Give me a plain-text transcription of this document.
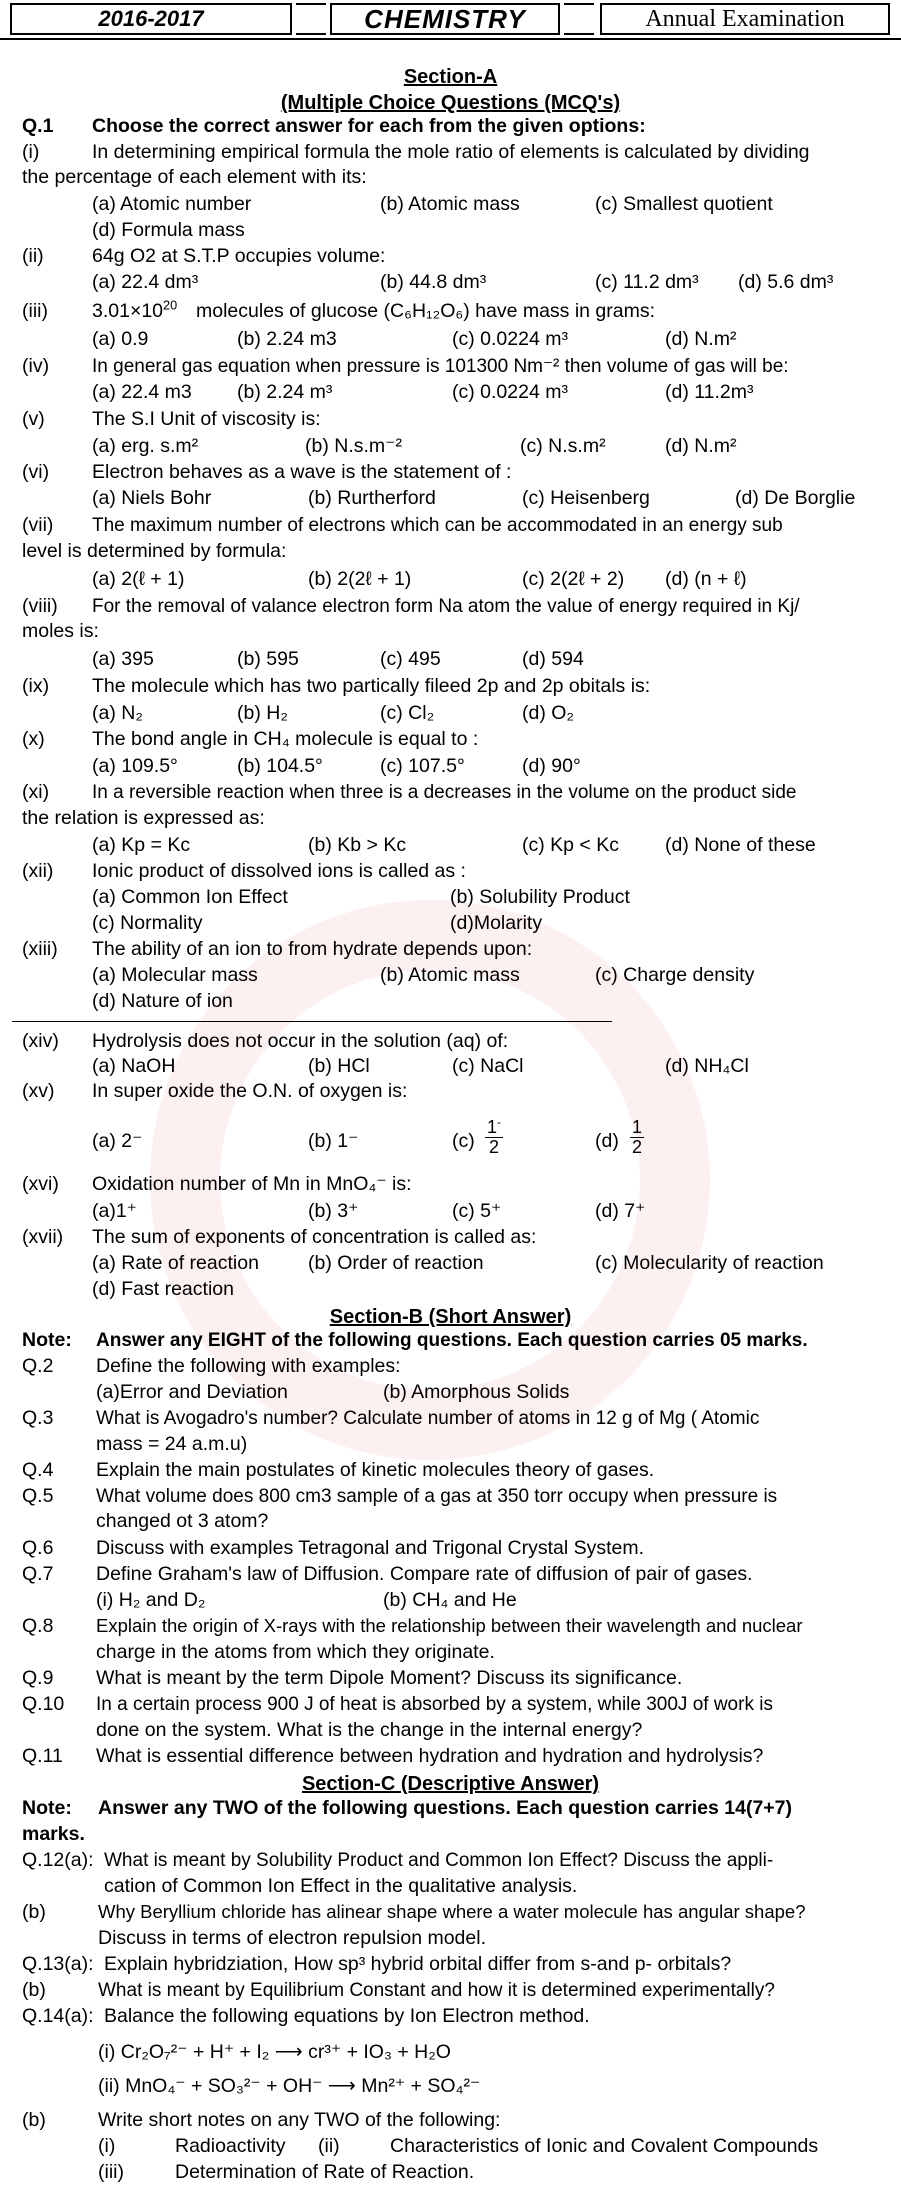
2016-2017	CHEMISTRY	Annual Examination
Section-A
(Multiple Choice Questions (MCQ's)
Q.1 Choose the correct answer for each from the given options:
(i)	In determining empirical formula the mole ratio of elements is calculated by dividing
the percentage of each element with its:
(a) Atomic number	(b) Atomic mass	(c) Smallest quotient
(d) Formula mass
(ii) 64g O2 at S.T.P occupies volume:
(a) 22.4 dm³	(b) 44.8 dm³	(c) 11.2 dm³ (d) 5.6 dm³
(iii) $3.01\times 10^{20}$ molecules of glucose (C₆H₁₂O₆) have mass in grams:
(a) 0.9	(b) 2.24 m3	(c) 0.0224 m³	(d) N.m²
(iv) In general gas equation when pressure is 101300 Nm⁻² then volume of gas will be:
(a) 22.4 m3 (b) 2.24 m³	(c) 0.0224 m³	(d) 11.2m³
(v) The S.I Unit of viscosity is:
(a) erg. s.m²	(b) N.s.m⁻²	(c) N.s.m²	(d) N.m²
(vi) Electron behaves as a wave is the statement of :
(a) Niels Bohr	(b) Rurtherford	(c) Heisenberg	(d) De Borglie
(vii) The maximum number of electrons which can be accommodated in an energy sub
level is determined by formula:
(a) 2(ℓ + 1)	(b) 2(2ℓ + 1)	(c) 2(2ℓ + 2) (d) (n + ℓ)
(viii) For the removal of valance electron form Na atom the value of energy required in Kj/
moles is:
(a) 395	(b) 595	(c) 495	(d) 594
(ix) The molecule which has two partically fileed 2p and 2p obitals is:
(a) N₂	(b) H₂	(c) Cl₂	(d) O₂
(x) The bond angle in CH₄ molecule is equal to :
(a) 109.5°	(b) 104.5°	(c) 107.5°	(d) 90°
(xi) In a reversible reaction when three is a decreases in the volume on the product side
the relation is expressed as:
(a) Kp = Kc	(b) Kb > Kc	(c) Kp < Kc (d) None of these
(xii) Ionic product of dissolved ions is called as :
(a) Common Ion Effect	(b) Solubility Product
(c) Normality	(d)Molarity
(xiii) The ability of an ion to from hydrate depends upon:
(a) Molecular mass	(b) Atomic mass	(c) Charge density
(d) Nature of ion
(xiv) Hydrolysis does not occur in the solution (aq) of:
(a) NaOH	(b) HCl	(c) NaCl	(d) NH₄Cl
(xv) In super oxide the O.N. of oxygen is:
(a) 2⁻	(b) 1⁻	$(c) \frac{1^-}{2}$	$(d) \frac{1}{2}$
(xvi) Oxidation number of Mn in MnO₄⁻ is:
(a)1⁺	(b) 3⁺	(c) 5⁺	(d) 7⁺
(xvii) The sum of exponents of concentration is called as:
(a) Rate of reaction	(b) Order of reaction	(c) Molecularity of reaction
(d) Fast reaction
Section-B (Short Answer)
Note: Answer any EIGHT of the following questions. Each question carries 05 marks.
Q.2 Define the following with examples:
(a)Error and Deviation	(b) Amorphous Solids
Q.3 What is Avogadro's number? Calculate number of atoms in 12 g of Mg ( Atomic
mass = 24 a.m.u)
Q.4 Explain the main postulates of kinetic molecules theory of gases.
Q.5 What volume does 800 cm3 sample of a gas at 350 torr occupy when pressure is
changed ot 3 atom?
Q.6 Discuss with examples Tetragonal and Trigonal Crystal System.
Q.7 Define Graham's law of Diffusion. Compare rate of diffusion of pair of gases.
(i) H₂ and D₂	(b) CH₄ and He
Q.8 Explain the origin of X-rays with the relationship between their wavelength and nuclear
charge in the atoms from which they originate.
Q.9 What is meant by the term Dipole Moment? Discuss its significance.
Q.10 In a certain process 900 J of heat is absorbed by a system, while 300J of work is
done on the system. What is the change in the internal energy?
Q.11 What is essential difference between hydration and hydration and hydrolysis?
Section-C (Descriptive Answer)
Note: Answer any TWO of the following questions. Each question carries 14(7+7)
marks.
Q.12(a): What is meant by Solubility Product and Common Ion Effect? Discuss the appli-
cation of Common Ion Effect in the qualitative analysis.
(b)	Why Beryllium chloride has alinear shape where a water molecule has angular shape?
Discuss in terms of electron repulsion model.
Q.13(a): Explain hybridziation, How sp³ hybrid orbital differ from s-and p- orbitals?
(b)	What is meant by Equilibrium Constant and how it is determined experimentally?
Q.14(a): Balance the following equations by Ion Electron method.
(i) Cr₂O₇²⁻ + H⁺ + I₂ ⟶ cr³⁺ + IO₃ + H₂O
(ii) MnO₄⁻ + SO₃²⁻ + OH⁻ ⟶ Mn²⁺ + SO₄²⁻
(b)	Write short notes on any TWO of the following:
(i)	Radioactivity (ii)	Characteristics of Ionic and Covalent Compounds
(iii)	Determination of Rate of Reaction.
